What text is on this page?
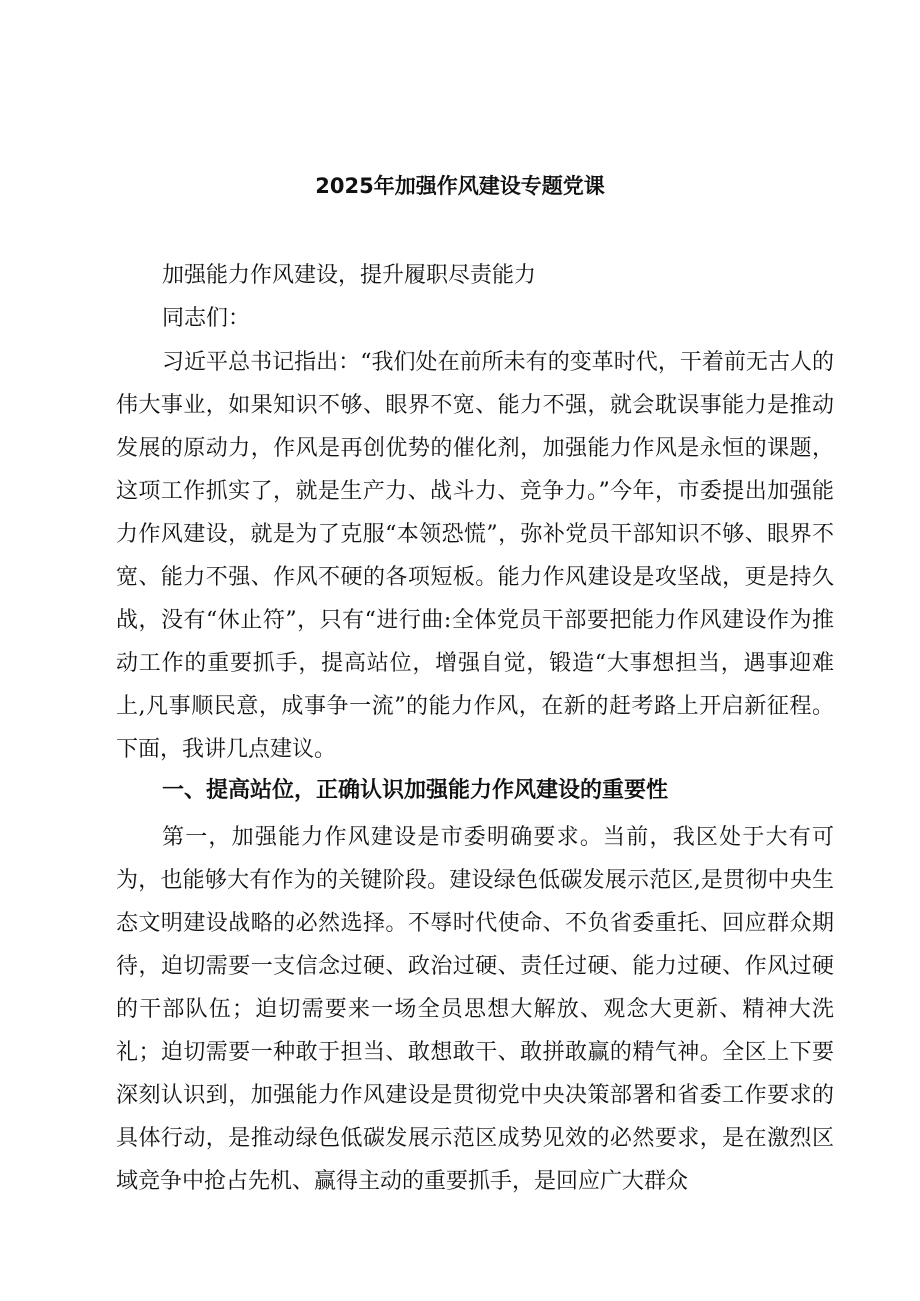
2025年加强作风建设专题党课
加强能力作风建设，提升履职尽责能力
同志们：
习近平总书记指出：“我们处在前所未有的变革时代，干着前无古人的伟大事业，如果知识不够、眼界不宽、能力不强，就会耽误事能力是推动发展的原动力，作风是再创优势的催化剂，加强能力作风是永恒的课题，这项工作抓实了，就是生产力、战斗力、竞争力。”今年，市委提出加强能力作风建设，就是为了克服“本领恐慌”，弥补党员干部知识不够、眼界不宽、能力不强、作风不硬的各项短板。能力作风建设是攻坚战，更是持久战，没有“休止符”，只有“进行曲:全体党员干部要把能力作风建设作为推动工作的重要抓手，提高站位，增强自觉，锻造“大事想担当，遇事迎难上,凡事顺民意，成事争一流”的能力作风，在新的赶考路上开启新征程。下面，我讲几点建议。
一、提高站位，正确认识加强能力作风建设的重要性
第一，加强能力作风建设是市委明确要求。当前，我区处于大有可为，也能够大有作为的关键阶段。建设绿色低碳发展示范区,是贯彻中央生态文明建设战略的必然选择。不辱时代使命、不负省委重托、回应群众期待，迫切需要一支信念过硬、政治过硬、责任过硬、能力过硬、作风过硬的干部队伍；迫切需要来一场全员思想大解放、观念大更新、精神大洗礼；迫切需要一种敢于担当、敢想敢干、敢拼敢赢的精气神。全区上下要深刻认识到，加强能力作风建设是贯彻党中央决策部署和省委工作要求的具体行动，是推动绿色低碳发展示范区成势见效的必然要求，是在激烈区域竞争中抢占先机、赢得主动的重要抓手，是回应广大群众
